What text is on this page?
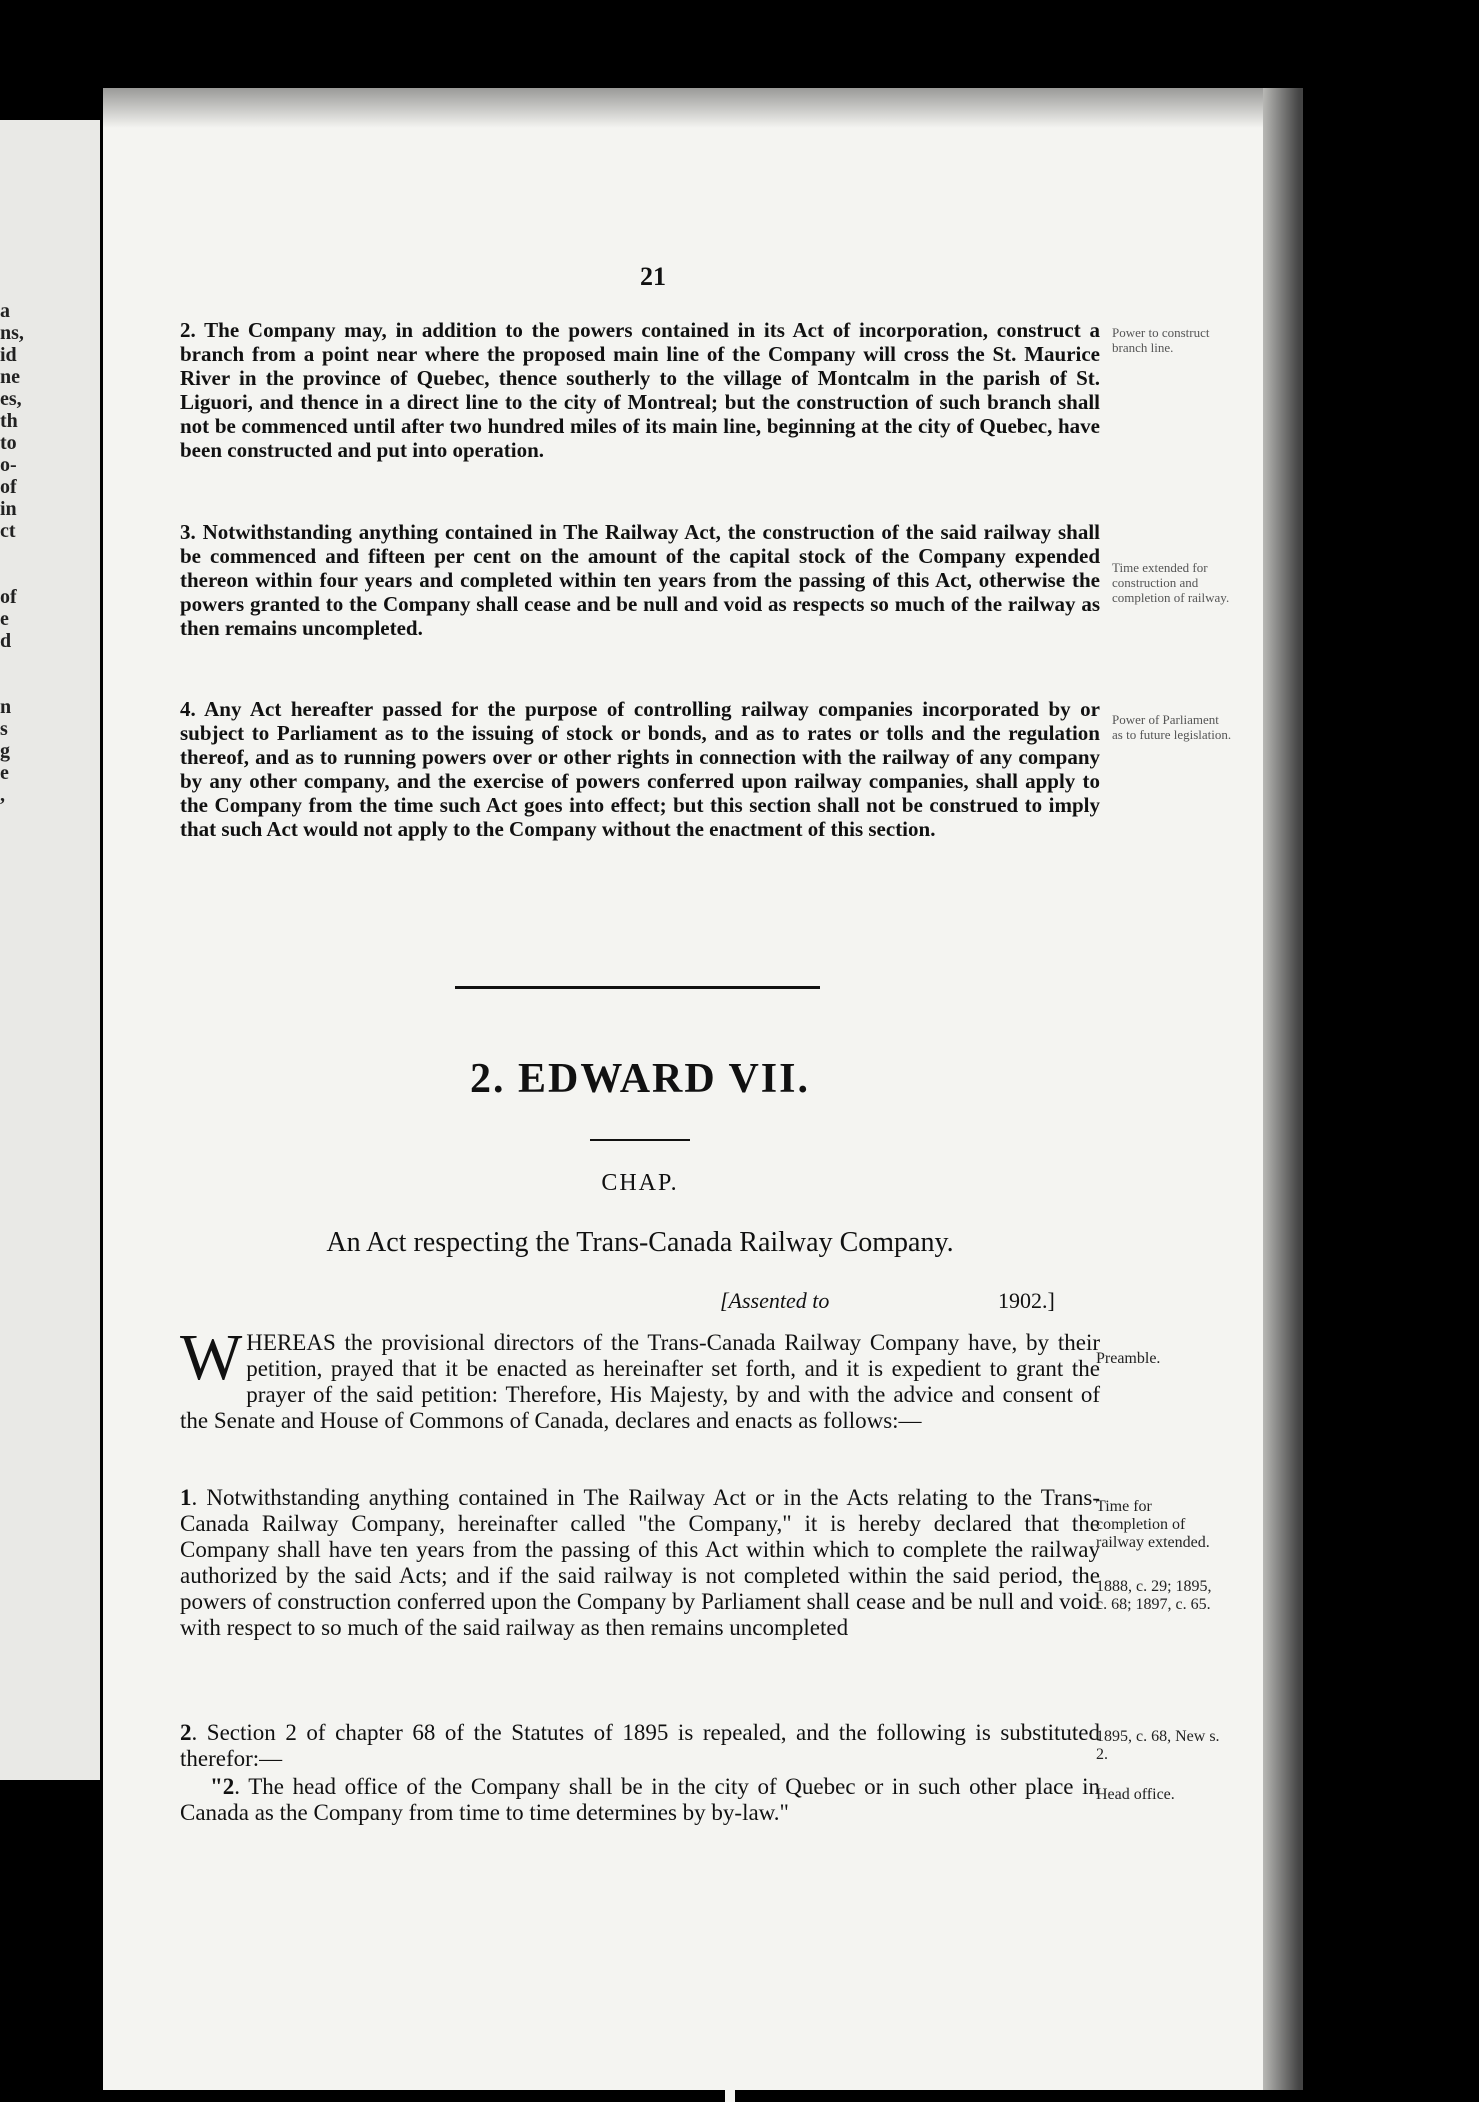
a
ns,
id
ne
es,
th
to
o-
of
in
ct
of
e
d
n
s
g
e
,
21
2. The Company may, in addition to the powers contained in its Act of incorporation, construct a branch from a point near where the proposed main line of the Company will cross the St. Maurice River in the province of Quebec, thence southerly to the village of Montcalm in the parish of St. Liguori, and thence in a direct line to the city of Montreal; but the construction of such branch shall not be commenced until after two hundred miles of its main line, beginning at the city of Quebec, have been constructed and put into operation.
Power to construct branch line.
3. Notwithstanding anything contained in The Railway Act, the construction of the said railway shall be commenced and fifteen per cent on the amount of the capital stock of the Company expended thereon within four years and completed within ten years from the passing of this Act, otherwise the powers granted to the Company shall cease and be null and void as respects so much of the railway as then remains uncompleted.
Time extended for construction and completion of railway.
4. Any Act hereafter passed for the purpose of controlling railway companies incorporated by or subject to Parliament as to the issuing of stock or bonds, and as to rates or tolls and the regulation thereof, and as to running powers over or other rights in connection with the railway of any company by any other company, and the exercise of powers conferred upon railway companies, shall apply to the Company from the time such Act goes into effect; but this section shall not be construed to imply that such Act would not apply to the Company without the enactment of this section.
Power of Parliament as to future legislation.
2. EDWARD VII.
CHAP.
An Act respecting the Trans-Canada Railway Company.
[Assented to	1902.]
WHEREAS the provisional directors of the Trans-Canada Railway Company have, by their petition, prayed that it be enacted as hereinafter set forth, and it is expedient to grant the prayer of the said petition: Therefore, His Majesty, by and with the advice and consent of the Senate and House of Commons of Canada, declares and enacts as follows:—
Preamble.
1. Notwithstanding anything contained in The Railway Act or in the Acts relating to the Trans-Canada Railway Company, hereinafter called "the Company," it is hereby declared that the Company shall have ten years from the passing of this Act within which to complete the railway authorized by the said Acts; and if the said railway is not completed within the said period, the powers of construction conferred upon the Company by Parliament shall cease and be null and void with respect to so much of the said railway as then remains uncompleted
Time for completion of railway extended.
1888, c. 29; 1895, c. 68; 1897, c. 65.
2. Section 2 of chapter 68 of the Statutes of 1895 is repealed, and the following is substituted therefor:—
1895, c. 68, New s. 2.
"2. The head office of the Company shall be in the city of Quebec or in such other place in Canada as the Company from time to time determines by by-law."
Head office.
